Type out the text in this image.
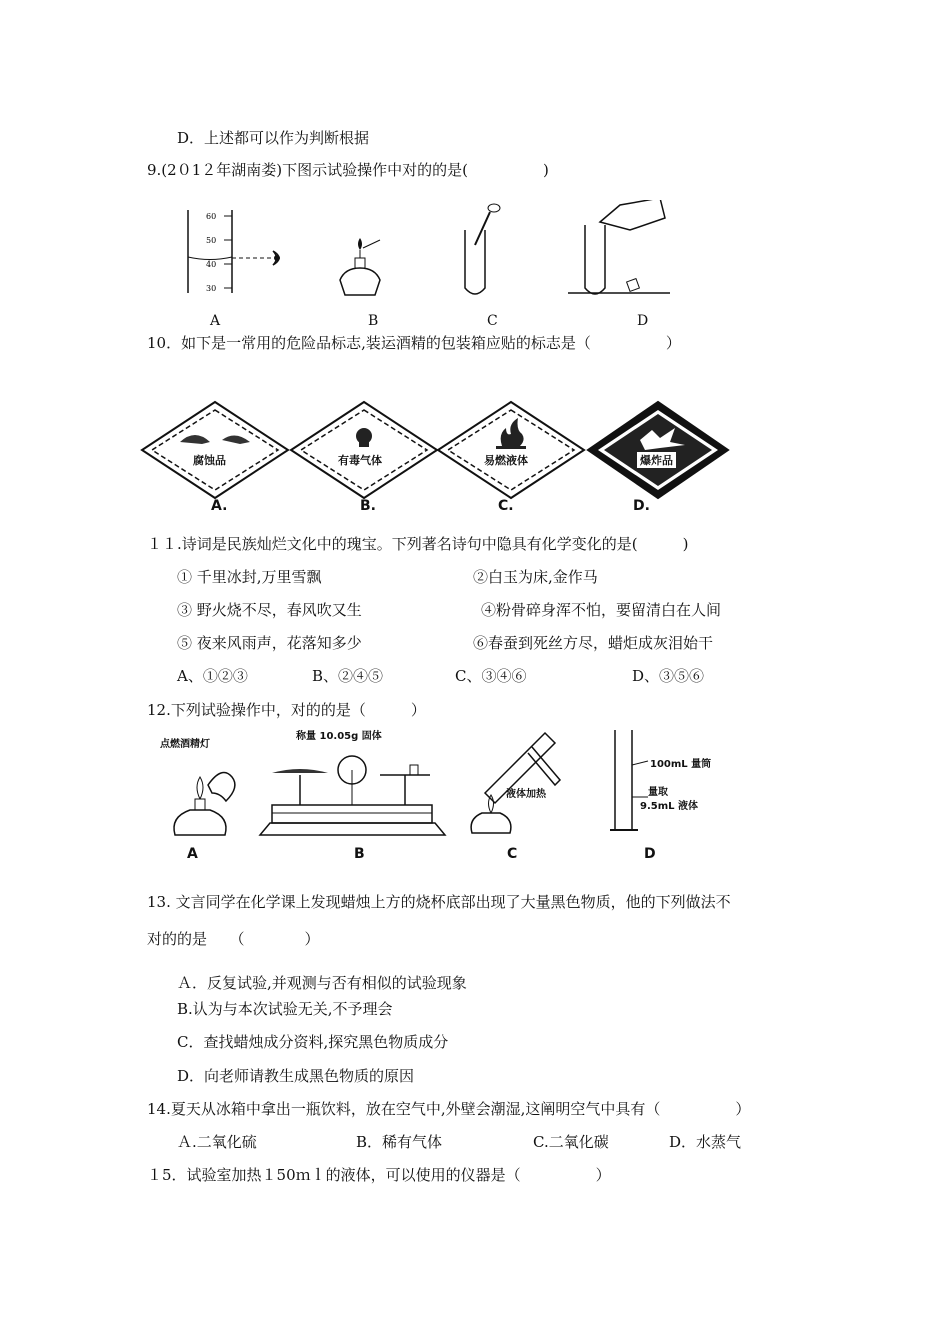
D．上述都可以作为判断根据
9.(2０1２年湖南娄)下图示试验操作中对的的是(　　　　　)
60
50
40
30
A	B	C	D
10．如下是一常用的危险品标志,装运酒精的包装箱应贴的标志是（　　　　　）
腐蚀品	有毒气体	易燃液体	爆炸品
A.	B.	C.	D.
１１.诗词是民族灿烂文化中的瑰宝。下列著名诗句中隐具有化学变化的是(　　　)
① 千里冰封,万里雪飘	②白玉为床,金作马
③ 野火烧不尽，春风吹又生	④粉骨碎身浑不怕，要留清白在人间
⑤ 夜来风雨声，花落知多少	⑥春蚕到死丝方尽，蜡炬成灰泪始干
A、①②③	B、②④⑤	C、③④⑥	D、③⑤⑥
12.下列试验操作中，对的的是（　　　）
点燃酒精灯
称量 10.05g 固体
液体加热
100mL 量筒
量取
9.5mL 液体
A	B	C	D
13. 文言同学在化学课上发现蜡烛上方的烧杯底部出现了大量黑色物质，他的下列做法不
对的的是　　（　　　　）
Ａ．反复试验,并观测与否有相似的试验现象
B.认为与本次试验无关,不予理会
C．查找蜡烛成分资料,探究黑色物质成分
D．向老师请教生成黑色物质的原因
14.夏天从冰箱中拿出一瓶饮料，放在空气中,外壁会潮湿,这阐明空气中具有（　　　　　）
Ａ.二氧化硫	B．稀有气体	C.二氧化碳	D．水蒸气
１5．试验室加热１50ｍｌ的液体，可以使用的仪器是（　　　　　）
